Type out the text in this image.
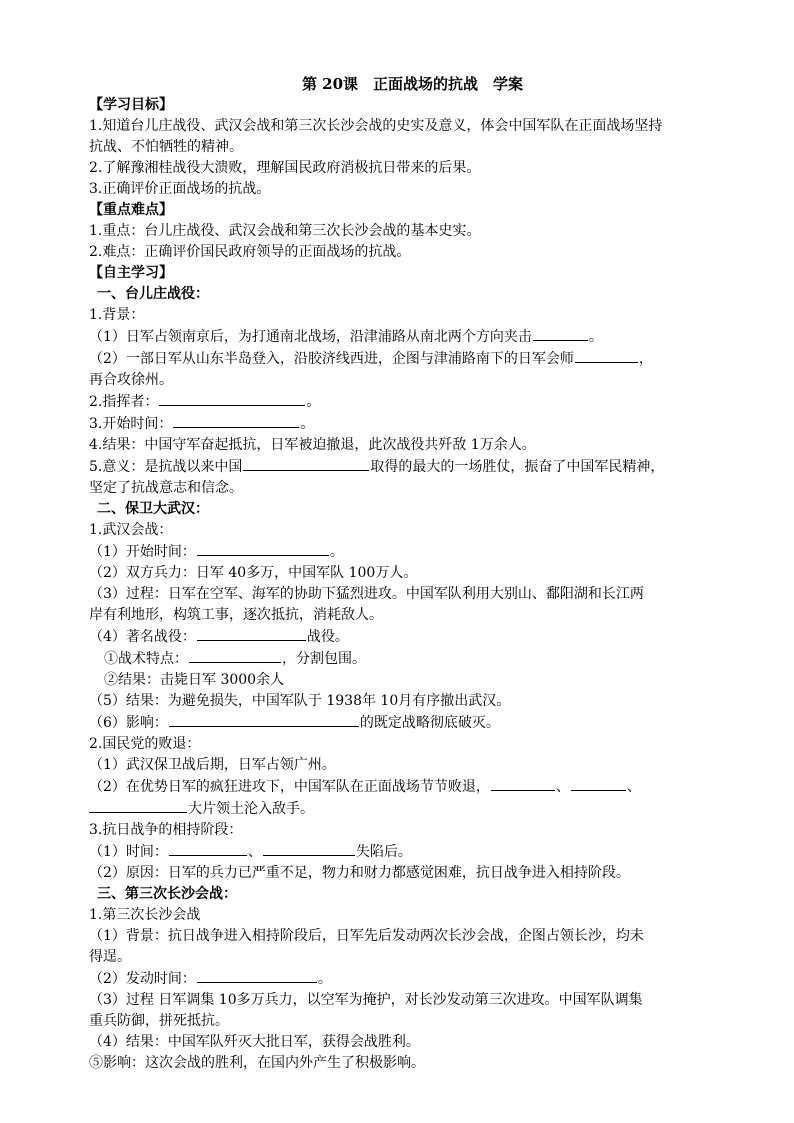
第 20课　正面战场的抗战　学案
【学习目标】
1.知道台儿庄战役、武汉会战和第三次长沙会战的史实及意义，体会中国军队在正面战场坚持
抗战、不怕牺牲的精神。
2.了解豫湘桂战役大溃败，理解国民政府消极抗日带来的后果。
3.正确评价正面战场的抗战。
【重点难点】
1.重点：台儿庄战役、武汉会战和第三次长沙会战的基本史实。
2.难点：正确评价国民政府领导的正面战场的抗战。
【自主学习】
一、台儿庄战役：
1.背景：
（1）日军占领南京后，为打通南北战场，沿津浦路从南北两个方向夹击	。
（2）一部日军从山东半岛登入，沿胶济线西进，企图与津浦路南下的日军会师	，
再合攻徐州。
2.指挥者：	。
3.开始时间：	。
4.结果：中国守军奋起抵抗，日军被迫撤退，此次战役共歼敌 1万余人。
5.意义：是抗战以来中国	取得的最大的一场胜仗，振奋了中国军民精神，
坚定了抗战意志和信念。
二、保卫大武汉：
1.武汉会战：
（1）开始时间：	。
（2）双方兵力：日军 40多万，中国军队 100万人。
（3）过程：日军在空军、海军的协助下猛烈进攻。中国军队利用大别山、鄱阳湖和长江两
岸有利地形，构筑工事，逐次抵抗，消耗敌人。
（4）著名战役：	战役。
①战术特点：	，分割包围。
②结果：击毙日军 3000余人
（5）结果：为避免损失，中国军队于 1938年 10月有序撤出武汉。
（6）影响：	的既定战略彻底破灭。
2.国民党的败退：
（1）武汉保卫战后期，日军占领广州。
（2）在优势日军的疯狂进攻下，中国军队在正面战场节节败退，	、	、
大片领土沦入敌手。
3.抗日战争的相持阶段：
（1）时间：	、	失陷后。
（2）原因：日军的兵力已严重不足，物力和财力都感觉困难，抗日战争进入相持阶段。
三、第三次长沙会战：
1.第三次长沙会战
（1）背景：抗日战争进入相持阶段后，日军先后发动两次长沙会战，企图占领长沙，均未
得逞。
（2）发动时间：	。
（3）过程 日军调集 10多万兵力，以空军为掩护，对长沙发动第三次进攻。中国军队调集
重兵防御，拼死抵抗。
（4）结果：中国军队歼灭大批日军，获得会战胜利。
⑤影响：这次会战的胜利，在国内外产生了积极影响。
